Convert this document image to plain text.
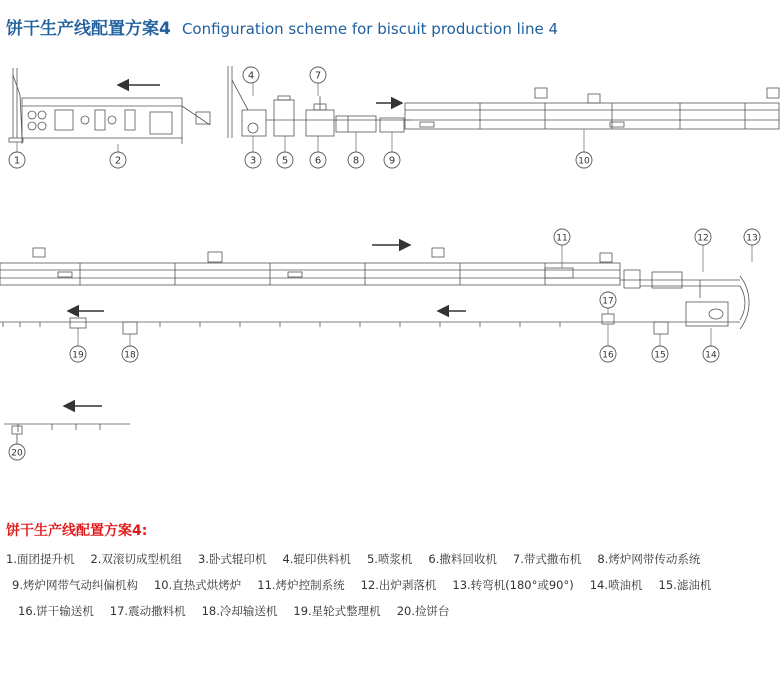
饼干生产线配置方案4 Configuration scheme for biscuit production line 4
1	2	3
4
5	6
7
8	9	10
11	12	13
14
15
16
17
18
19
20
饼干生产线配置方案4:
1.面团提升机 2.双滚切成型机组 3.卧式辊印机 4.辊印供料机 5.喷浆机 6.撒料回收机 7.带式撒布机 8.烤炉网带传动系统
9.烤炉网带气动纠偏机构 10.直热式烘烤炉 11.烤炉控制系统 12.出炉剥落机 13.转弯机(180°或90°) 14.喷油机 15.滤油机
16.饼干输送机 17.震动撒料机 18.冷却输送机 19.星轮式整理机 20.捡饼台
